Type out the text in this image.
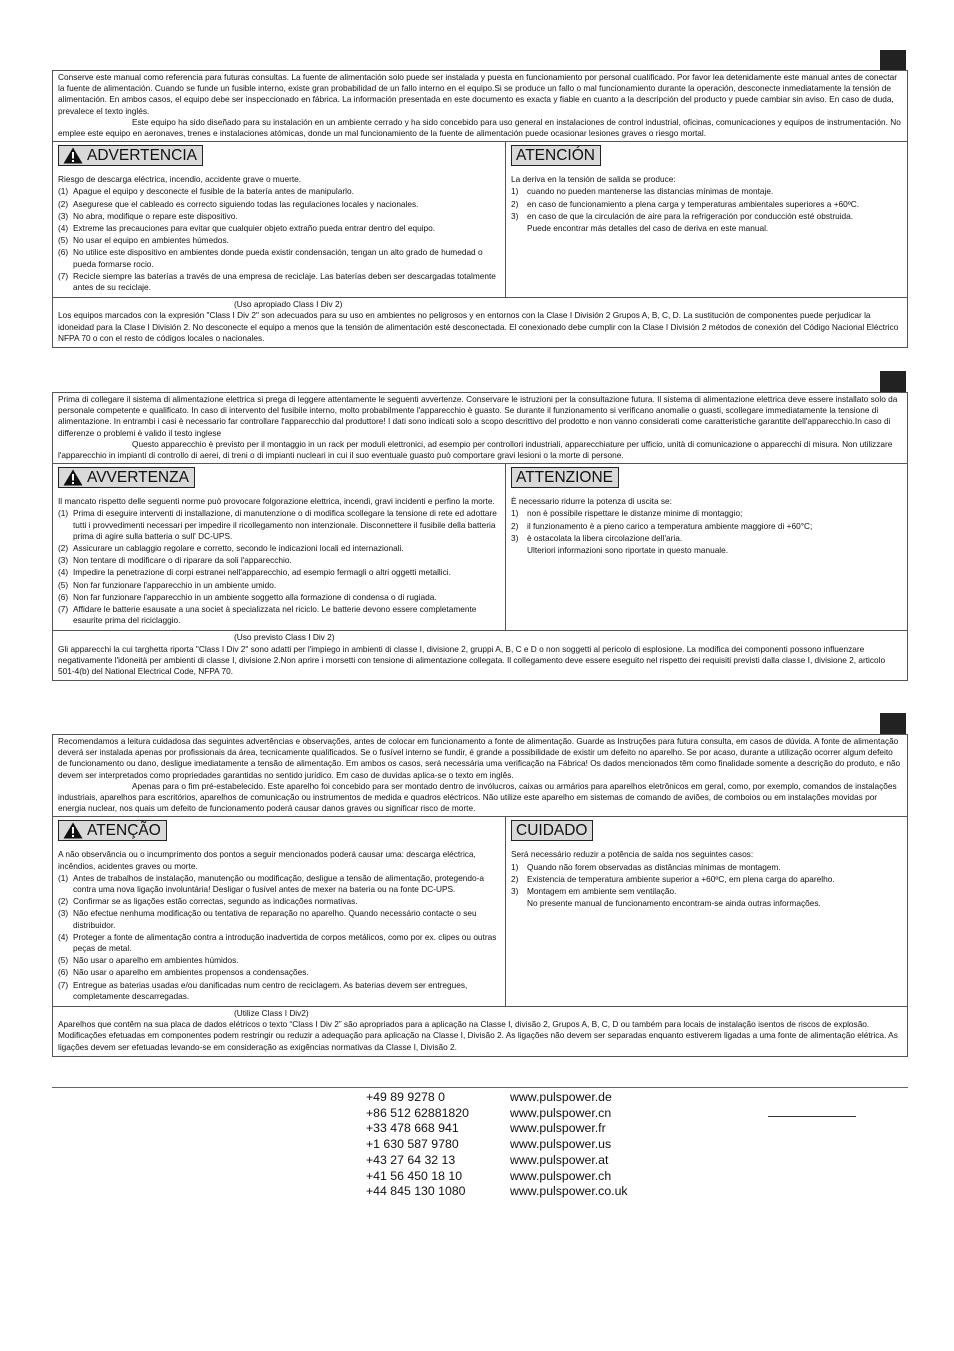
Conserve este manual como referencia para futuras consultas. La fuente de alimentación solo puede ser instalada y puesta en funcionamiento por personal cualificado. Por favor lea detenidamente este manual antes de conectar la fuente de alimentación. Cuando se funde un fusible interno, existe gran probabilidad de un fallo interno en el equipo.Si se produce un fallo o mal funcionamiento durante la operación, desconecte inmediatamente la tensión de alimentación. En ambos casos, el equipo debe ser inspeccionado en fábrica. La información presentada en este documento es exacta y fiable en cuanto a la descripción del producto y puede cambiar sin aviso. En caso de duda, prevalece el texto inglés.

Este equipo ha sido diseñado para su instalación en un ambiente cerrado y ha sido concebido para uso general en instalaciones de control industrial, oficinas, comunicaciones y equipos de instrumentación. No emplee este equipo en aeronaves, trenes e instalaciones atómicas, donde un mal funcionamiento de la fuente de alimentación puede ocasionar lesiones graves o riesgo mortal.

ADVERTENCIA
Riesgo de descarga eléctrica, incendio, accidente grave o muerte.
(1) Apague el equipo y desconecte el fusible de la batería antes de manipularlo.
(2) Asegurese que el cableado es correcto siguiendo todas las regulaciones locales y nacionales.
(3) No abra, modifique o repare este dispositivo.
(4) Extreme las precauciones para evitar que cualquier objeto extraño pueda entrar dentro del equipo.
(5) No usar el equipo en ambientes húmedos.
(6) No utilice este dispositivo en ambientes donde pueda existir condensación, tengan un alto grado de humedad o pueda formarse rocio.
(7) Recicle siempre las baterías a través de una empresa de reciclaje. Las baterías deben ser descargadas totalmente antes de su reciclaje.
ATENCIÓN
La deriva en la tensión de salida se produce:
1) cuando no pueden mantenerse las distancias mínimas de montaje.
2) en caso de funcionamiento a plena carga y temperaturas ambientales superiores a +60ºC.
3) en caso de que la circulación de aire para la refrigeración por conducción esté obstruida.
Puede encontrar más detalles del caso de deriva en este manual.
(Uso apropiado Class I Div 2)
Los equipos marcados con la expresión "Class I Div 2" son adecuados para su uso en ambientes no peligrosos y en entornos con la Clase I División 2 Grupos A, B, C, D. La sustitución de componentes puede perjudicar la idoneidad para la Clase I División 2. No desconecte el equipo a menos que la tensión de alimentación esté desconectada. El conexionado debe cumplir con la Clase I División 2 métodos de conexión del Código Nacional Eléctrico NFPA 70 o con el resto de códigos locales o nacionales.

Prima di collegare il sistema di alimentazione elettrica si prega di leggere attentamente le seguenti avvertenze. Conservare le istruzioni per la consultazione futura. Il sistema di alimentazione elettrica deve essere installato solo da personale competente e qualificato. In caso di intervento del fusibile interno, molto probabilmente l'apparecchio è guasto. Se durante il funzionamento si verificano anomalie o guasti, scollegare immediatamente la tensione di alimentazione. In entrambi i casi è necessario far controllare l'apparecchio dal produttore! I dati sono indicati solo a scopo descrittivo del prodotto e non vanno considerati come caratteristiche garantite dell'apparecchio.In caso di differenze o problemi è valido il testo inglese

Questo apparecchio è previsto per il montaggio in un rack per moduli elettronici, ad esempio per controllori industriali, apparecchiature per ufficio, unità di comunicazione o apparecchi di misura. Non utilizzare l'apparecchio in impianti di controllo di aerei, di treni o di impianti nucleari in cui il suo eventuale guasto può comportare gravi lesioni o la morte di persone.

AVVERTENZA
Il mancato rispetto delle seguenti norme può provocare folgorazione elettrica, incendi, gravi incidenti e perfino la morte.
(1) Prima di eseguire interventi di installazione, di manutenzione o di modifica scollegare la tensione di rete ed adottare tutti i provvedimenti necessari per impedire il ricollegamento non intenzionale. Disconnettere il fusibile della batteria prima di agire sulla batteria o sull' DC-UPS.
(2) Assicurare un cablaggio regolare e corretto, secondo le indicazioni locali ed internazionali.
(3) Non tentare di modificare o di riparare da soli l'apparecchio.
(4) Impedire la penetrazione di corpi estranei nell'apparecchio, ad esempio fermagli o altri oggetti metallici.
(5) Non far funzionare l'apparecchio in un ambiente umido.
(6) Non far funzionare l'apparecchio in un ambiente soggetto alla formazione di condensa o di rugiada.
(7) Affidare le batterie esausate a una societ à specializzata nel riciclo. Le batterie devono essere completamente esaurite prima del riciclaggio.
ATTENZIONE
È necessario ridurre la potenza di uscita se:
1) non è possibile rispettare le distanze minime di montaggio;
2) il funzionamento è a pieno carico a temperatura ambiente maggiore di +60°C;
3) è ostacolata la libera circolazione dell'aria.
Ulteriori informazioni sono riportate in questo manuale.
(Uso previsto Class I Div 2)
Gli apparecchi la cui targhetta riporta "Class I Div 2" sono adatti per l'impiego in ambienti di classe I, divisione 2, gruppi A, B, C e D o non soggetti al pericolo di esplosione. La modifica dei componenti possono influenzare negativamente l'idoneità per ambienti di classe I, divisione 2.Non aprire i morsetti con tensione di alimentazione collegata. Il collegamento deve essere eseguito nel rispetto dei requisiti previsti dalla classe I, divisione 2, articolo 501-4(b) del National Electrical Code, NFPA 70.

Recomendamos a leitura cuidadosa das seguintes advertências e observações, antes de colocar em funcionamento a fonte de alimentação. Guarde as Instruções para futura consulta, em casos de dúvida. A fonte de alimentação deverá ser instalada apenas por profissionais da área, tecnicamente qualificados. Se o fusível interno se fundir, é grande a possibilidade de existir um defeito no aparelho. Se por acaso, durante a utilização ocorrer algum defeito de funcionamento ou dano, desligue imediatamente a tensão de alimentação. Em ambos os casos, será necessária uma verificação na Fábrica! Os dados mencionados têm como finalidade somente a descrição do produto, e não devem ser interpretados como propriedades garantidas no sentido jurídico. Em caso de duvidas aplica-se o texto em inglês.

Apenas para o fim pré-estabelecido. Este aparelho foi concebido para ser montado dentro de invólucros, caixas ou armários para aparelhos eletrônicos em geral, como, por exemplo, comandos de instalações industriais, aparelhos para escritórios, aparelhos de comunicação ou instrumentos de medida e quadros eléctricos. Não utilize este aparelho em sistemas de comando de aviões, de comboios ou em instalações movidas por energia nuclear, nos quais um defeito de funcionamento poderá causar danos graves ou significar risco de morte.

ATENÇÃO
A não observância ou o incumprimento dos pontos a seguir mencionados poderá causar uma: descarga eléctrica, incêndios, acidentes graves ou morte.
(1) Antes de trabalhos de instalação, manutenção ou modificação, desligue a tensão de alimentação, protegendo-a contra uma nova ligação involuntária! Desligar o fusível antes de mexer na bateria ou na fonte DC-UPS.
(2) Confirmar se as ligações estão correctas, segundo as indicações normativas.
(3) Não efectue nenhuma modificação ou tentativa de reparação no aparelho. Quando necessário contacte o seu distribuidor.
(4) Proteger a fonte de alimentação contra a introdução inadvertida de corpos metálicos, como por ex. clipes ou outras peças de metal.
(5) Não usar o aparelho em ambientes húmidos.
(6) Não usar o aparelho em ambientes propensos a condensações.
(7) Entregue as baterias usadas e/ou danificadas num centro de reciclagem. As baterias devem ser entregues, completamente descarregadas.
CUIDADO
Será necessário reduzir a potência de saída nos seguintes casos:
1) Quando não forem observadas as distâncias mínimas de montagem.
2) Existencia de temperatura ambiente superior a +60ºC, em plena carga do aparelho.
3) Montagem em ambiente sem ventilação.
No presente manual de funcionamento encontram-se ainda outras informações.
(Utilize Class I Div2)
Aparelhos que contêm na sua placa de dados elétricos o texto “Class I Div 2” são apropriados para a aplicação na Classe I, divisão 2, Grupos A, B, C, D ou também para locais de instalação isentos de riscos de explosão. Modificações efetuadas em componentes podem restringir ou reduzir a adequação para aplicação na Classe I, Divisão 2. As ligações não devem ser separadas enquanto estiverem ligadas a uma fonte de alimentação elétrica. As ligações devem ser efetuadas levando-se em consideração as exigências normativas da Classe I, Divisão 2.
+49 89 9278 0	www.pulspower.de
+86 512 62881820	www.pulspower.cn
+33 478 668 941	www.pulspower.fr
+1 630 587 9780	www.pulspower.us
+43 27 64 32 13	www.pulspower.at
+41 56 450 18 10	www.pulspower.ch
+44 845 130 1080	www.pulspower.co.uk
